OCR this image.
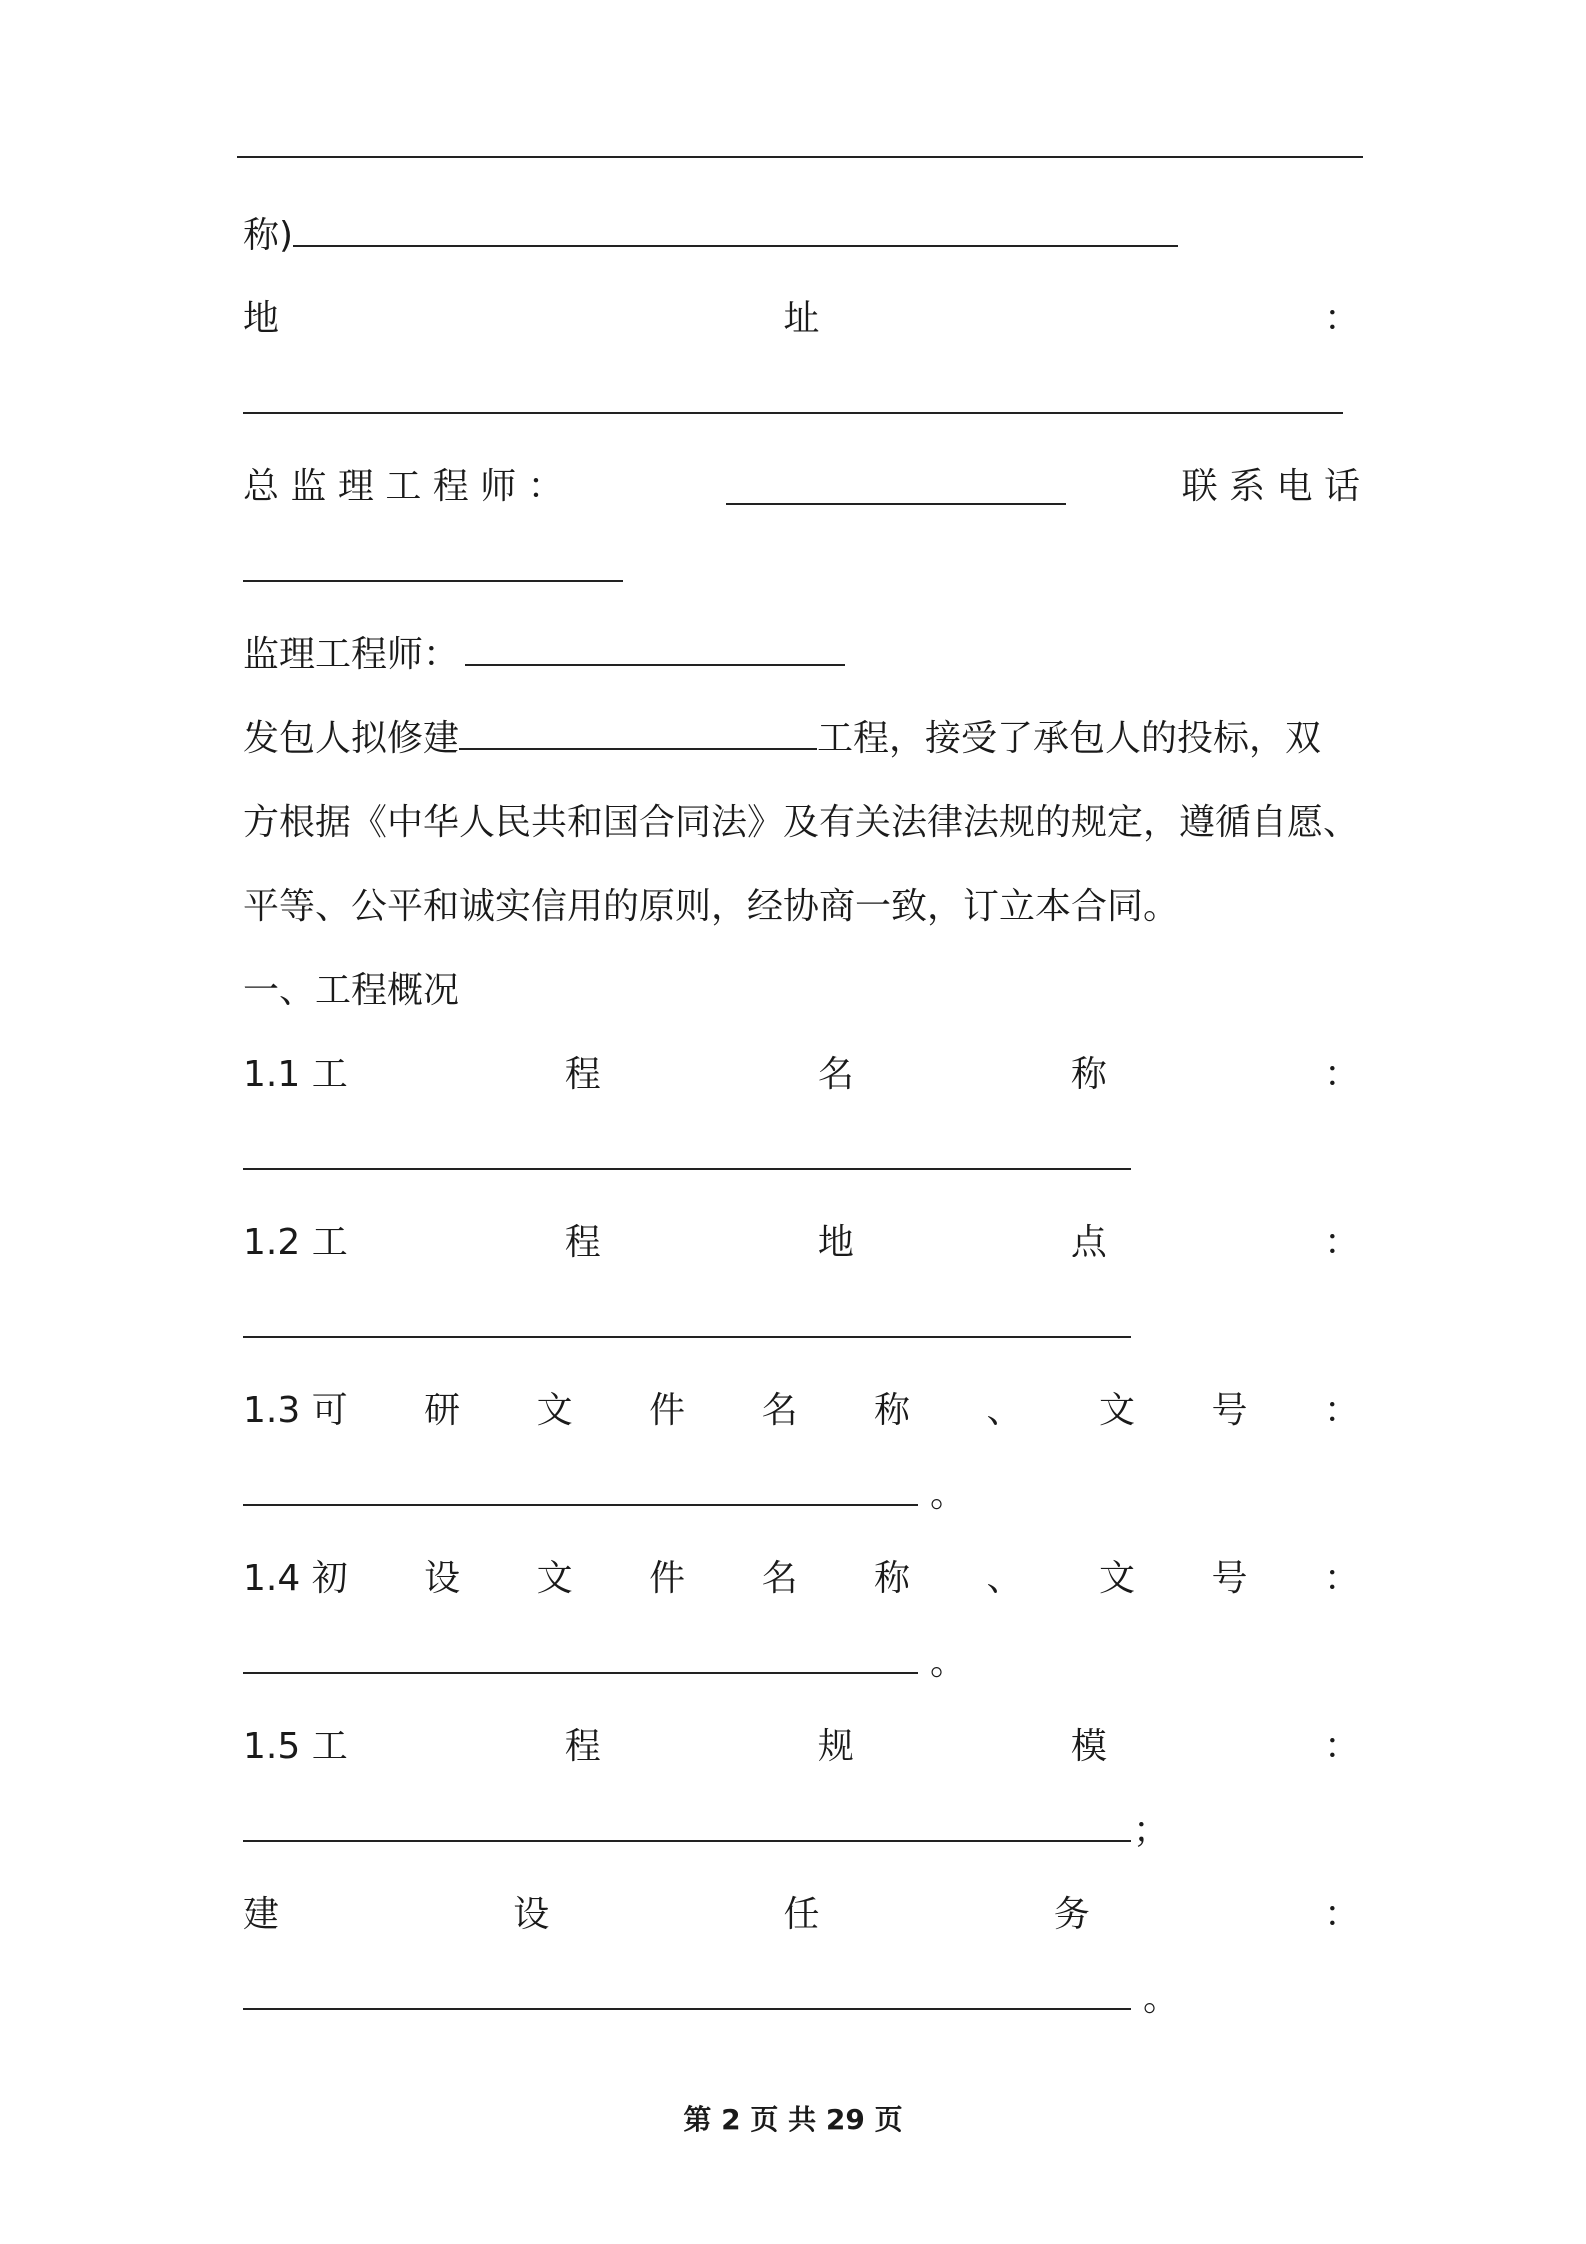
称)
地	址	：
总 监 理 工 程 师 ：	联 系 电 话
监理工程师：
发包人拟修建	工程，接受了承包人的投标，双
方根据《中华人民共和国合同法》及有关法律法规的规定，遵循自愿、
平等、公平和诚实信用的原则，经协商一致，订立本合同。
一、工程概况
1.1 工	程	名	称	：
1.2 工	程	地	点	：
1.3 可 研 文 件 名 称 、 文 号 ：
。
1.4 初 设 文 件 名 称 、 文 号 ：
。
1.5 工	程	规	模	：
；
建	设	任	务	：
。
第 2 页 共 29 页
